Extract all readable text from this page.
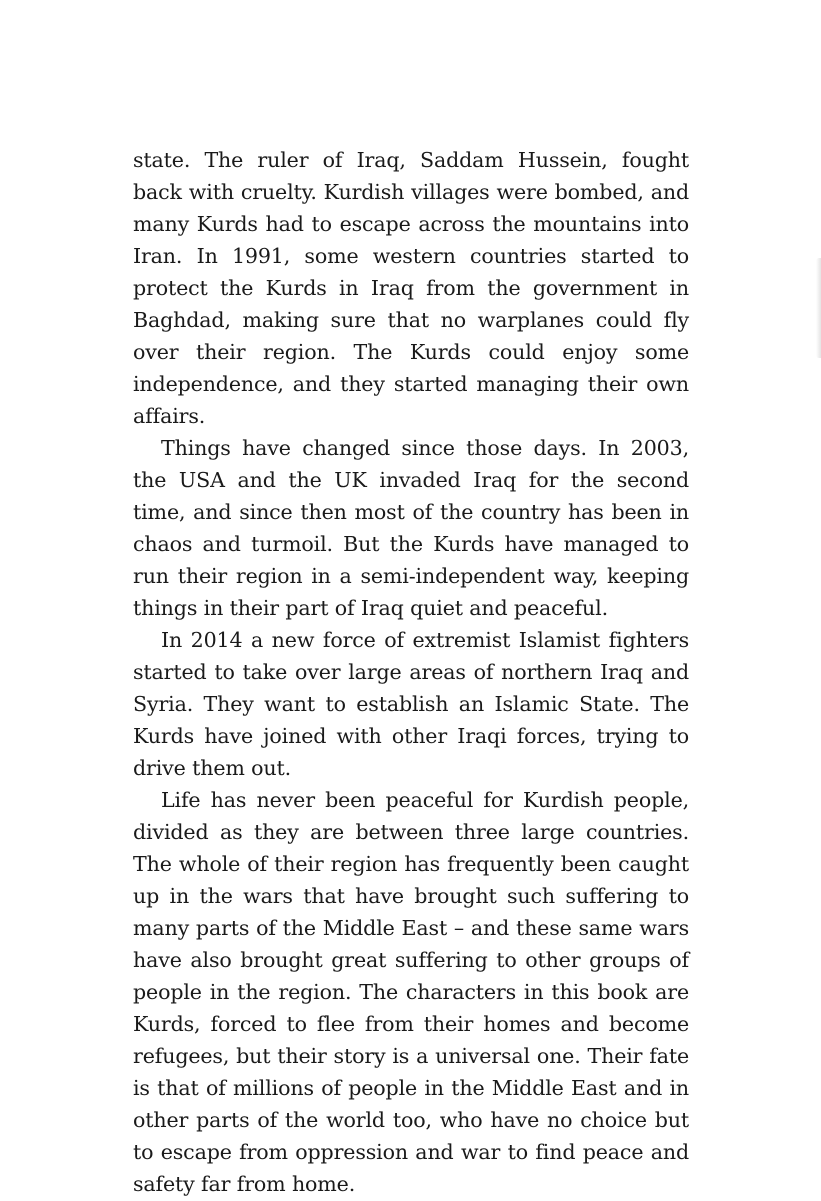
state. The ruler of Iraq, Saddam Hussein, fought back with cruelty. Kurdish villages were bombed, and many Kurds had to escape across the mountains into Iran. In 1991, some western countries started to protect the Kurds in Iraq from the government in Baghdad, making sure that no warplanes could fly over their region. The Kurds could enjoy some independence, and they started managing their own affairs.

Things have changed since those days. In 2003, the USA and the UK invaded Iraq for the second time, and since then most of the country has been in chaos and turmoil. But the Kurds have managed to run their region in a semi-independent way, keeping things in their part of Iraq quiet and peaceful.

In 2014 a new force of extremist Islamist fighters started to take over large areas of northern Iraq and Syria. They want to establish an Islamic State. The Kurds have joined with other Iraqi forces, trying to drive them out.

Life has never been peaceful for Kurdish people, divided as they are between three large countries. The whole of their region has frequently been caught up in the wars that have brought such suffering to many parts of the Middle East – and these same wars have also brought great suffering to other groups of people in the region. The characters in this book are Kurds, forced to flee from their homes and become refugees, but their story is a universal one. Their fate is that of millions of people in the Middle East and in other parts of the world too, who have no choice but to escape from oppression and war to find peace and safety far from home.
